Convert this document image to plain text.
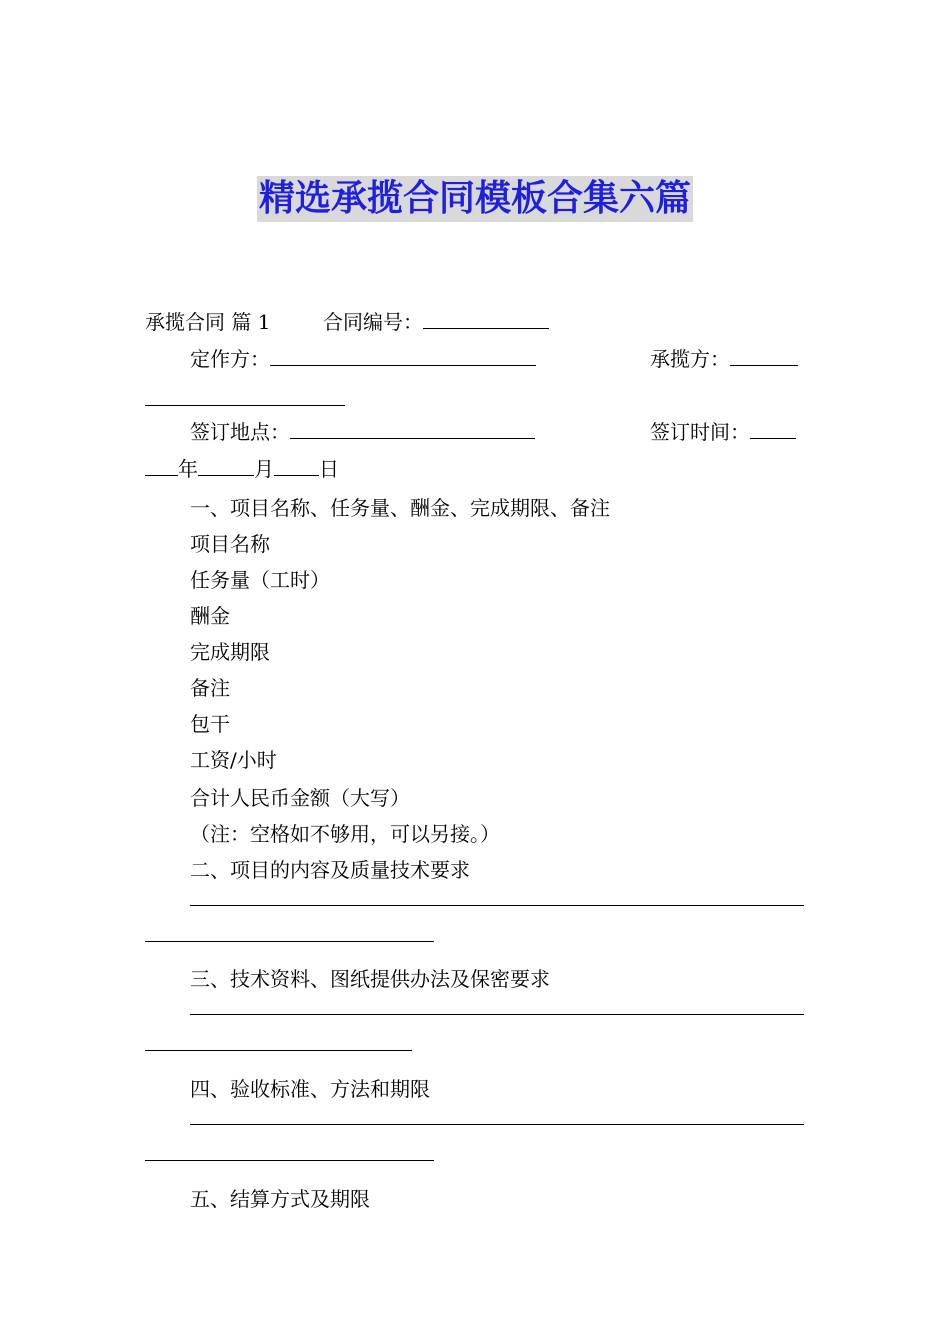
精选承揽合同模板合集六篇
承揽合同 篇 1	合同编号：
定作方：	承揽方：
签订地点：	签订时间：
年	月 日
一、项目名称、任务量、酬金、完成期限、备注
项目名称
任务量（工时）
酬金
完成期限
备注
包干
工资/小时
合计人民币金额（大写）
（注：空格如不够用，可以另接。）
二、项目的内容及质量技术要求
三、技术资料、图纸提供办法及保密要求
四、验收标准、方法和期限
五、结算方式及期限
